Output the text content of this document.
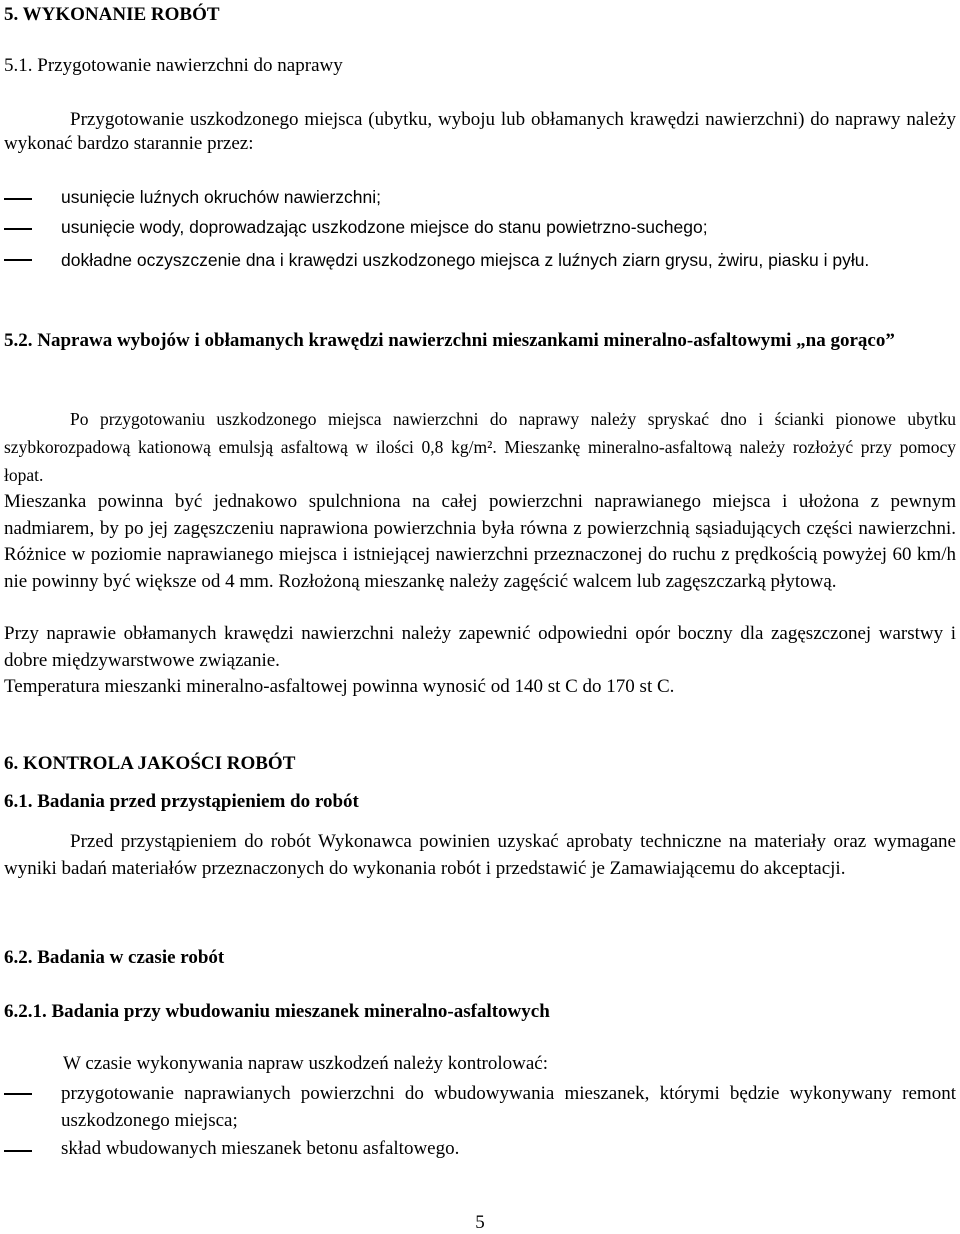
5. WYKONANIE ROBÓT
5.1. Przygotowanie nawierzchni do naprawy
Przygotowanie uszkodzonego miejsca (ubytku, wyboju lub obłamanych krawędzi nawierzchni) do naprawy należy wykonać bardzo starannie przez:
usunięcie luźnych okruchów nawierzchni;
usunięcie wody, doprowadzając uszkodzone miejsce do stanu powietrzno-suchego;
dokładne oczyszczenie dna i krawędzi uszkodzonego miejsca z luźnych ziarn grysu, żwiru, piasku i pyłu.
5.2. Naprawa wybojów i obłamanych krawędzi nawierzchni mieszankami mineralno-asfaltowymi „na gorąco”
Po przygotowaniu uszkodzonego miejsca nawierzchni do naprawy należy spryskać dno i ścianki pionowe ubytku szybkorozpadową kationową emulsją asfaltową w ilości 0,8 kg/m². Mieszankę mineralno-asfaltową należy rozłożyć przy pomocy łopat.
Mieszanka powinna być jednakowo spulchniona na całej powierzchni naprawianego miejsca i ułożona z pewnym nadmiarem, by po jej zagęszczeniu naprawiona powierzchnia była równa z powierzchnią sąsiadujących części nawierzchni. Różnice w poziomie naprawianego miejsca i istniejącej nawierzchni przeznaczonej do ruchu z prędkością powyżej 60 km/h nie powinny być większe od 4 mm. Rozłożoną mieszankę należy zagęścić walcem lub zagęszczarką płytową.
Przy naprawie obłamanych krawędzi nawierzchni należy zapewnić odpowiedni opór boczny dla zagęszczonej warstwy i dobre międzywarstwowe związanie.
Temperatura mieszanki mineralno-asfaltowej powinna wynosić od 140 st C do 170 st C.
6. KONTROLA JAKOŚCI ROBÓT
6.1. Badania przed przystąpieniem do robót
Przed przystąpieniem do robót Wykonawca powinien uzyskać aprobaty techniczne na materiały oraz wymagane wyniki badań materiałów przeznaczonych do wykonania robót i przedstawić je Zamawiającemu do akceptacji.
6.2. Badania w czasie robót
6.2.1. Badania przy wbudowaniu mieszanek mineralno-asfaltowych
W czasie wykonywania napraw uszkodzeń należy kontrolować:
przygotowanie naprawianych powierzchni do wbudowywania mieszanek, którymi będzie wykonywany remont uszkodzonego miejsca;
skład wbudowanych mieszanek betonu asfaltowego.
5
